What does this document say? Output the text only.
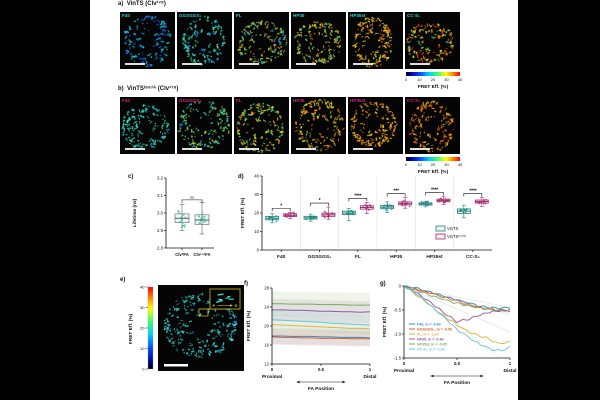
a) VinTS (Clv¹⁷⁸)
F40	GGSGGS₂	FL	HP35	HP35st	CC-S₂
0	10 20 30 40
FRET Eff. (%)
b) VinTSᴵ⁹⁹⁷ᴬ (Clv¹⁷⁸)
F40	GGSGGS₂	FL	HP35	HP35st	CC-S₂
0	10 20 30 40
FRET Eff. (%)
c)
Lifetime (ns)
2.8
2.9
3.0
3.1
3.2
Clv⁰FA Clv¹⁷⁸FA
ns
d)
FRET Eff. (%)
0
10
20
30
40
*
F40
*
GGSGGS₂
****
FL
***
HP35
****
HP35st
****
CC-S₂
VinTS
VinTSᴵ⁹⁹⁷ᴬ
e)
FRET Eff. (%)
40
30
20
10
0
P	D
f)
FRET Eff. (%)
12
16
20
24
28
0	0.5	1
Proximal	Distal
FA Position
g)
FRET Eff. (%)
0
-0.5
-1.0
-1.5
F40, m = -0.60
GGSGGS₂, m = -0.56
FL, m = -1.67
HP35, m = -0.96
HP35st, m = -0.45
CC-S₂, m = -1.61
0	0.5	1
Proximal	Distal
FA Position
